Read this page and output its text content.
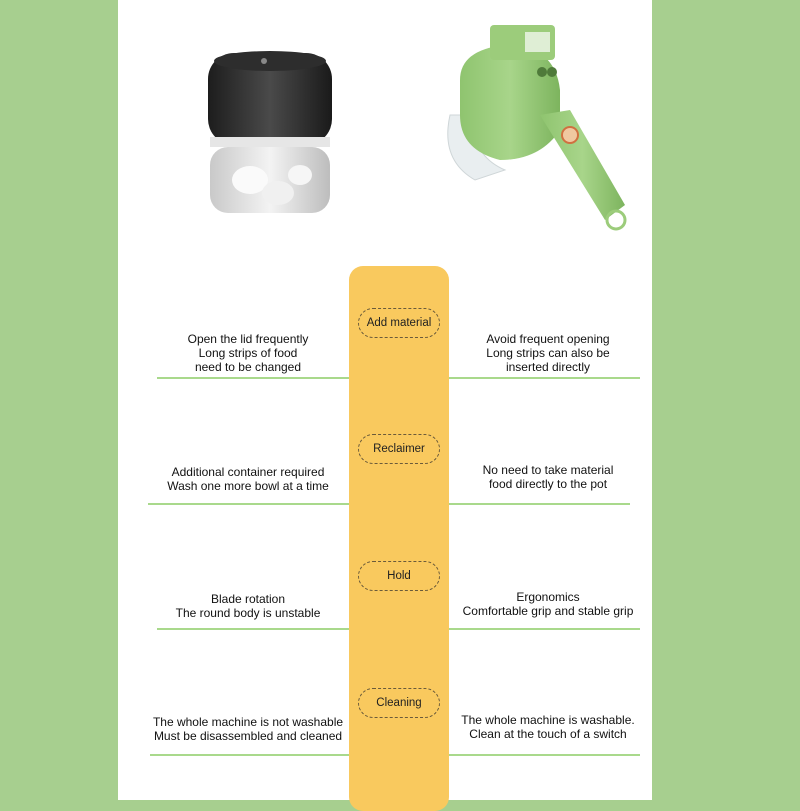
Add material
Reclaimer
Hold
Cleaning
Open the lid frequently
Long strips of food
need to be changed
Avoid frequent opening
Long strips can also be
inserted directly
Additional container required
Wash one more bowl at a time
No need to take material
food directly to the pot
Blade rotation
The round body is unstable
Ergonomics
Comfortable grip and stable grip
The whole machine is not washable
Must be disassembled and cleaned
The whole machine is washable.
Clean at the touch of a switch
